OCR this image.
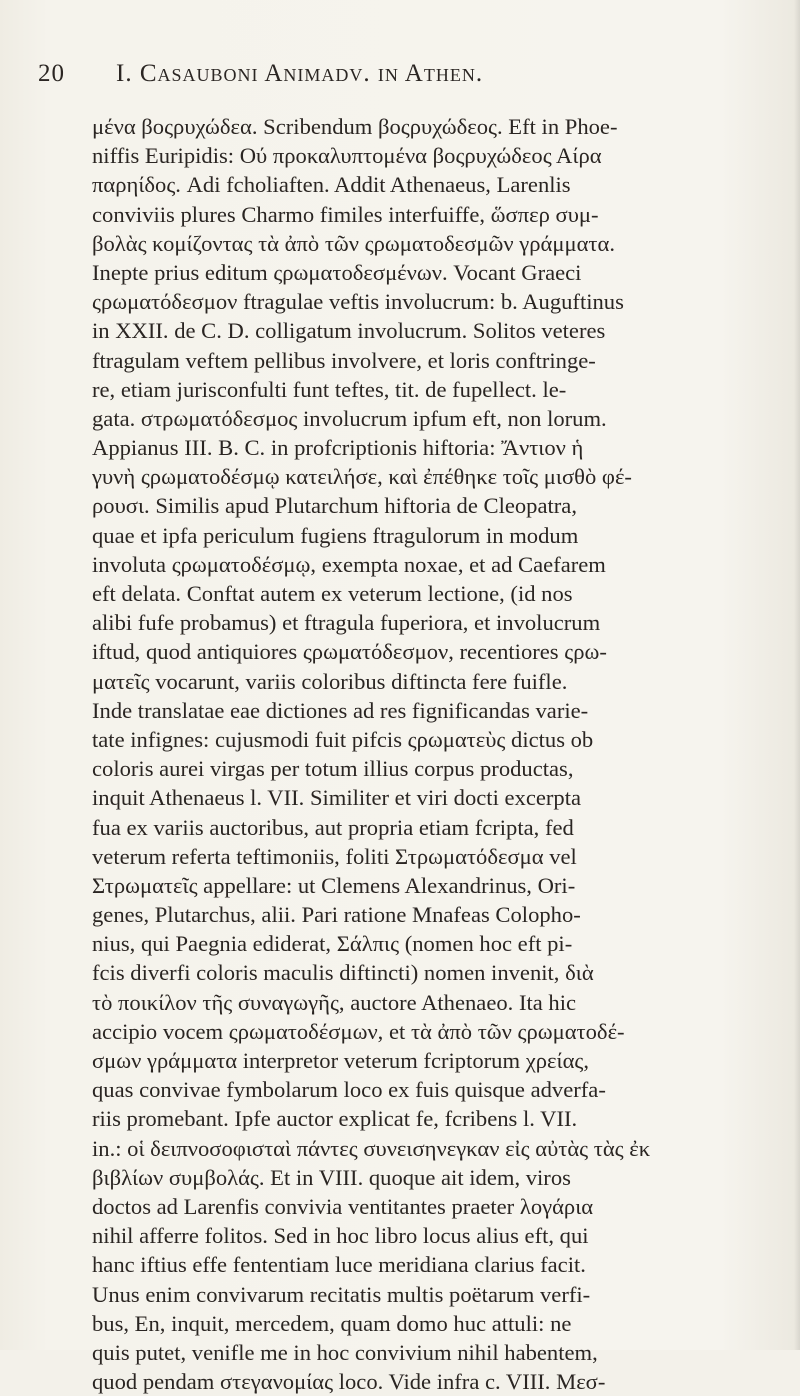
20 I. Casauboni Animadv. in Athen.
μένα βοςρυχώδεα. Scribendum βοςρυχώδεος. Eft in Phoe-
niffis Euripidis: Ού προκαλυπτομένα βοςρυχώδεος Αίρα
παρηίδος. Adi fcholiaften. Addit Athenaeus, Larenlis
conviviis plures Charmo fimiles interfuiffe, ὥσπερ συμ-
βολὰς κομίζοντας τὰ ἀπὸ τῶν ςρωματοδεσμῶν γράμματα.
Inepte prius editum ςρωματοδεσμένων. Vocant Graeci
ςρωματόδεσμον ftragulae veftis involucrum: b. Auguftinus
in XXII. de C. D. colligatum involucrum. Solitos veteres
ftragulam veftem pellibus involvere, et loris conftringe-
re, etiam jurisconfulti funt teftes, tit. de fupellect. le-
gata. στρωματόδεσμος involucrum ipfum eft, non lorum.
Appianus III. B. C. in profcriptionis hiftoria: Ἄντιον ἡ
γυνὴ ςρωματοδέσμῳ κατειλήσε, καὶ ἐπέθηκε τοῖς μισθὸ φέ-
ρουσι. Similis apud Plutarchum hiftoria de Cleopatra,
quae et ipfa periculum fugiens ftragulorum in modum
involuta ςρωματοδέσμῳ, exempta noxae, et ad Caefarem
eft delata. Conftat autem ex veterum lectione, (id nos
alibi fufe probamus) et ftragula fuperiora, et involucrum
iftud, quod antiquiores ςρωματόδεσμον, recentiores ςρω-
ματεῖς vocarunt, variis coloribus diftincta fere fuifle.
Inde translatae eae dictiones ad res fignificandas varie-
tate infignes: cujusmodi fuit pifcis ςρωματεὺς dictus ob
coloris aurei virgas per totum illius corpus productas,
inquit Athenaeus l. VII. Similiter et viri docti excerpta
fua ex variis auctoribus, aut propria etiam fcripta, fed
veterum referta teftimoniis, foliti Στρωματόδεσμα vel
Στρωματεῖς appellare: ut Clemens Alexandrinus, Ori-
genes, Plutarchus, alii. Pari ratione Mnafeas Colopho-
nius, qui Paegnia ediderat, Σάλπις (nomen hoc eft pi-
fcis diverfi coloris maculis diftincti) nomen invenit, διὰ
τὸ ποικίλον τῆς συναγωγῆς, auctore Athenaeo. Ita hic
accipio vocem ςρωματοδέσμων, et τὰ ἀπὸ τῶν ςρωματοδέ-
σμων γράμματα interpretor veterum fcriptorum χρείας,
quas convivae fymbolarum loco ex fuis quisque adverfa-
riis promebant. Ipfe auctor explicat fe, fcribens l. VII.
in.: οἱ δειπνοσοφισταὶ πάντες συνεισηνεγκαν εἰς αὐτὰς τὰς ἐκ
βιβλίων συμβολάς. Et in VIII. quoque ait idem, viros
doctos ad Larenfis convivia ventitantes praeter λογάρια
nihil afferre folitos. Sed in hoc libro locus alius eft, qui
hanc iftius effe fententiam luce meridiana clarius facit.
Unus enim convivarum recitatis multis poëtarum verfi-
bus, En, inquit, mercedem, quam domo huc attuli: ne
quis putet, venifle me in hoc convivium nihil habentem,
quod pendam στεγανομίας loco. Vide infra c. VIII. Μεσ-
